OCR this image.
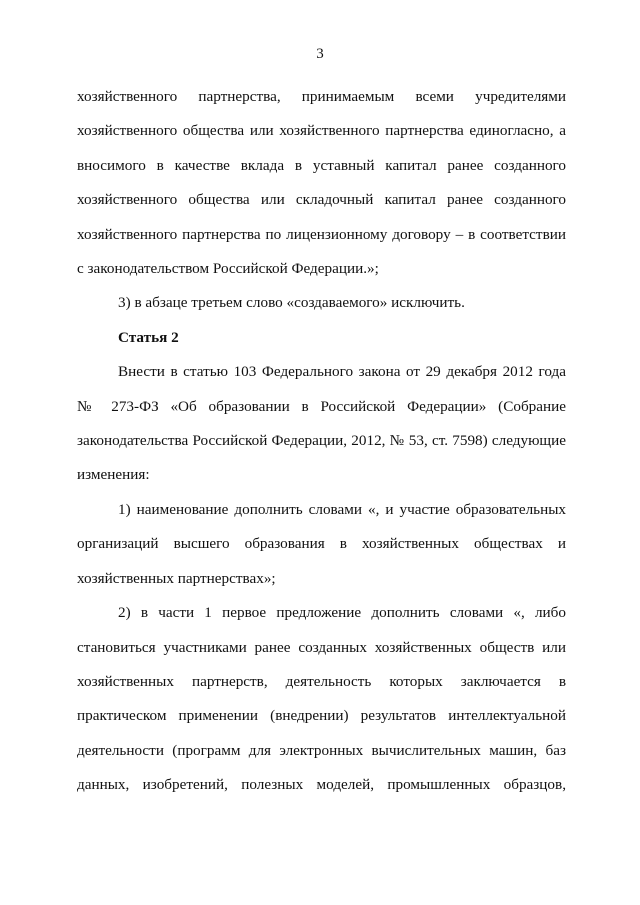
3

хозяйственного партнерства, принимаемым всеми учредителями хозяйственного общества или хозяйственного партнерства единогласно, а вносимого в качестве вклада в уставный капитал ранее созданного хозяйственного общества или складочный капитал ранее созданного хозяйственного партнерства по лицензионному договору – в соответствии с законодательством Российской Федерации.»;

3) в абзаце третьем слово «создаваемого» исключить.

Статья 2

Внести в статью 103 Федерального закона от 29 декабря 2012 года № 273-ФЗ «Об образовании в Российской Федерации» (Собрание законодательства Российской Федерации, 2012, № 53, ст. 7598) следующие изменения:

1) наименование дополнить словами «, и участие образовательных организаций высшего образования в хозяйственных обществах и хозяйственных партнерствах»;

2) в части 1 первое предложение дополнить словами «, либо становиться участниками ранее созданных хозяйственных обществ или хозяйственных партнерств, деятельность которых заключается в практическом применении (внедрении) результатов интеллектуальной деятельности (программ для электронных вычислительных машин, баз данных, изобретений, полезных моделей, промышленных образцов,
